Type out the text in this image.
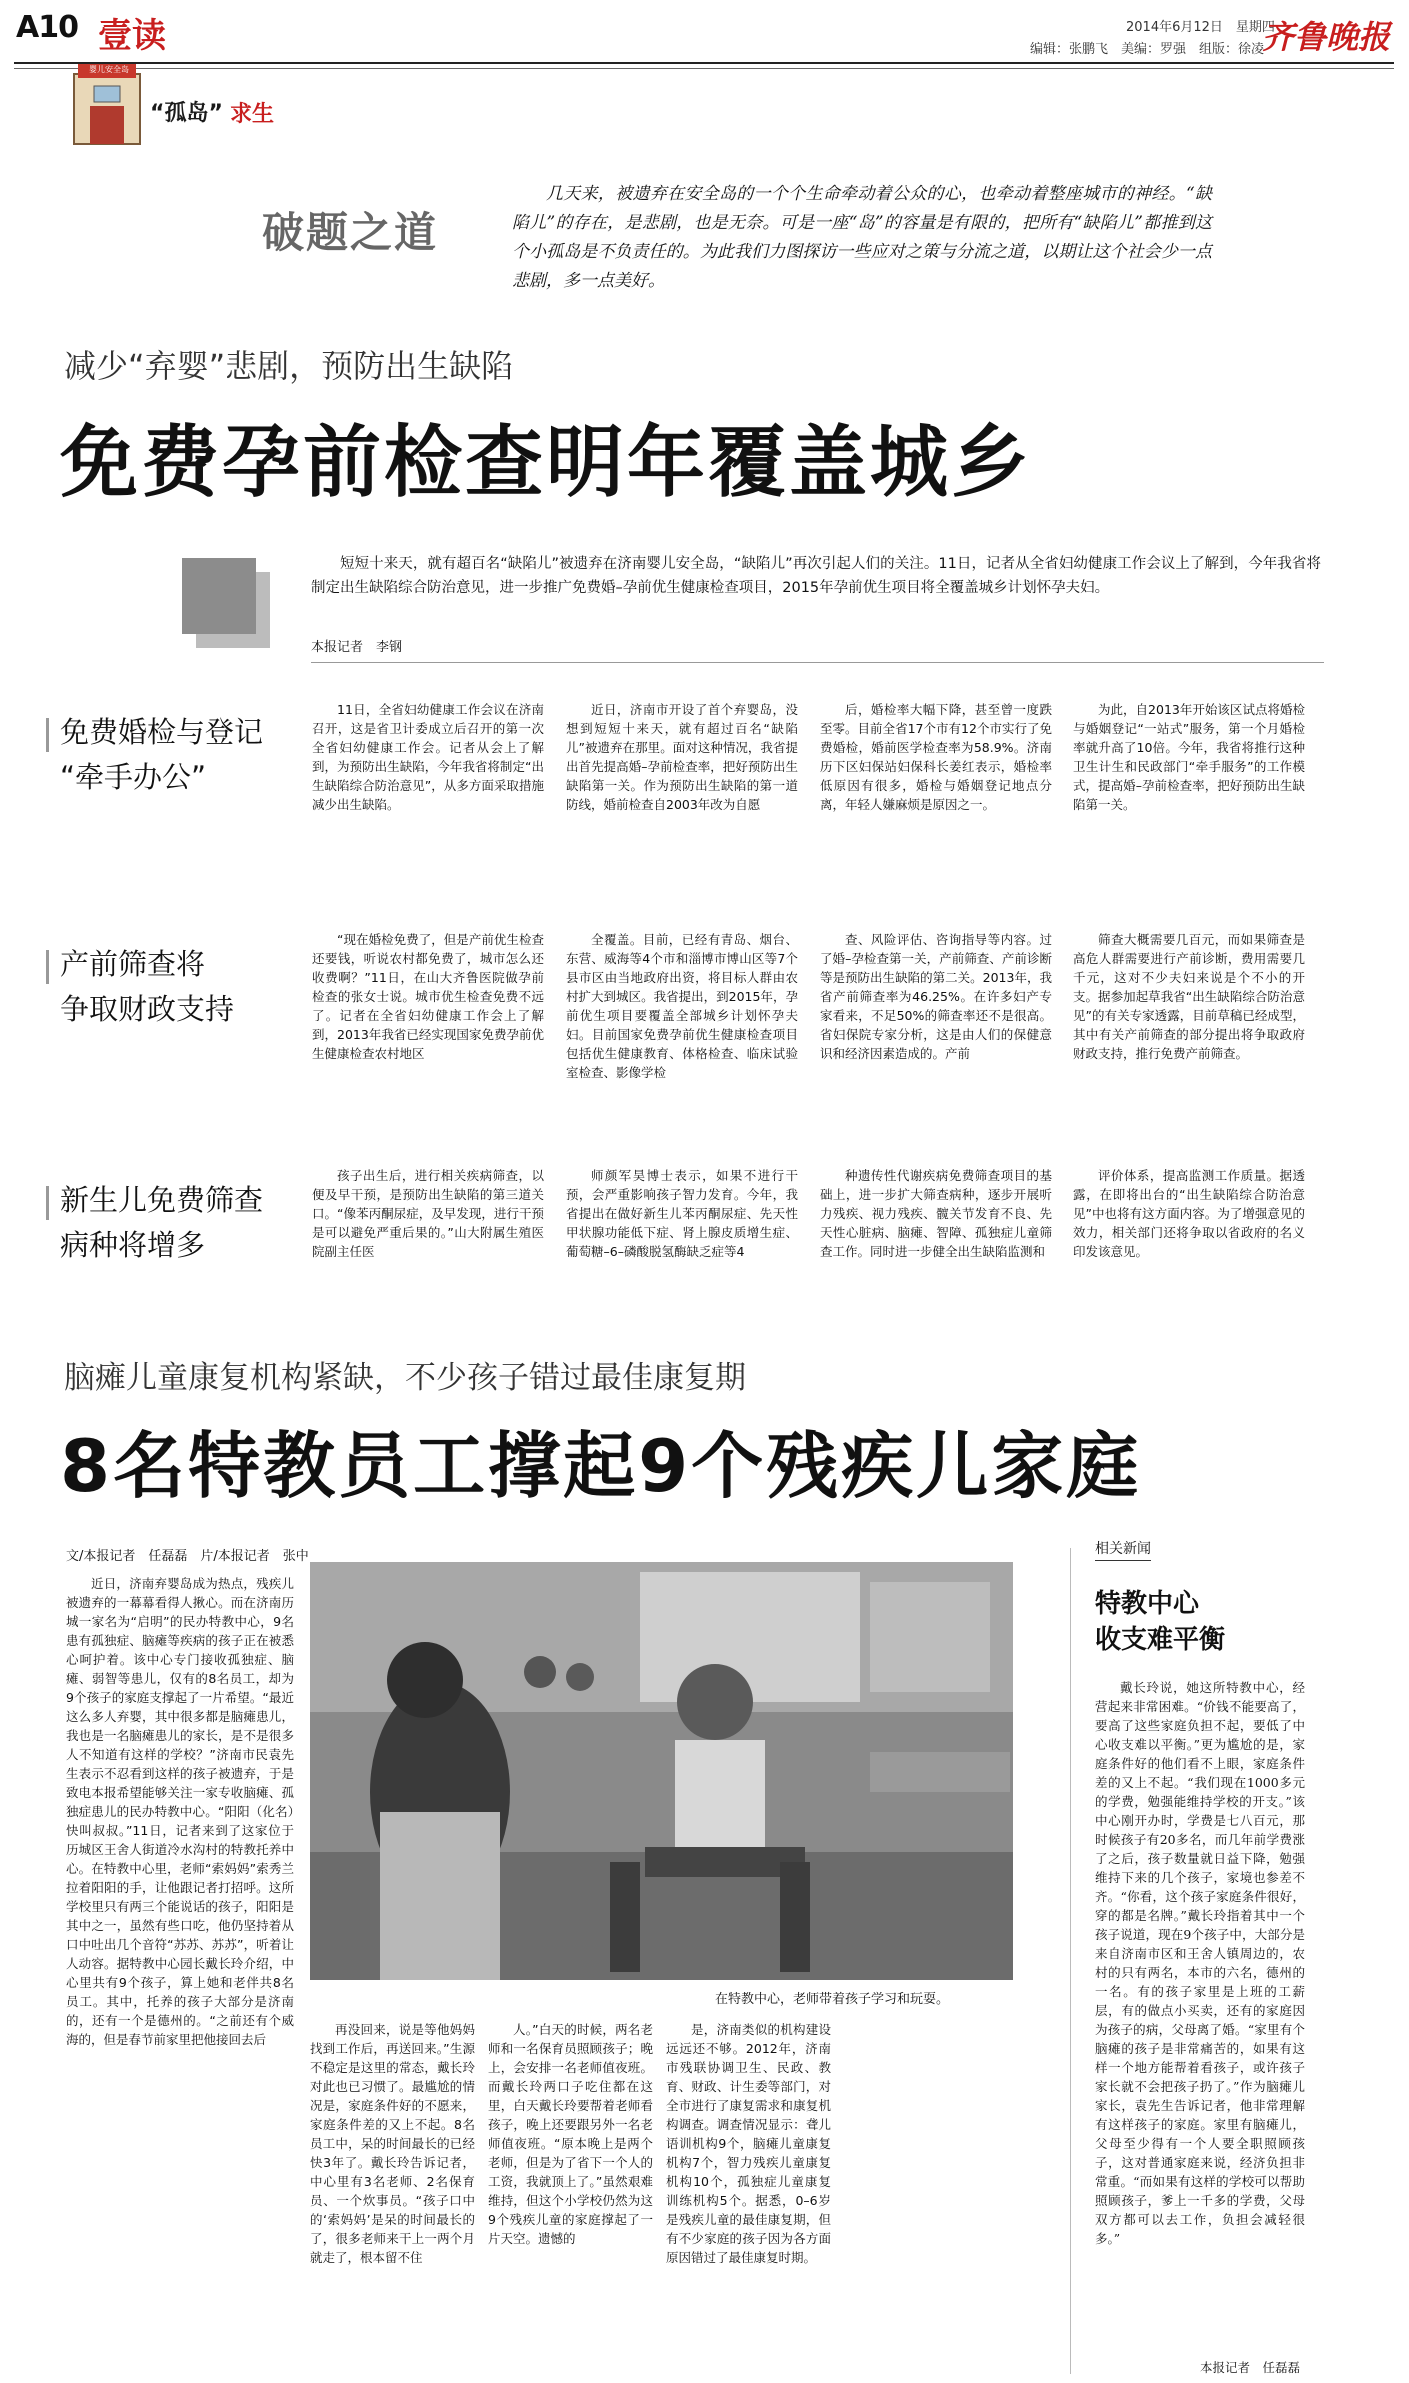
A10 壹读	2014年6月12日　星期四
编辑：张鹏飞　美编：罗强　组版：徐凌
齐鲁晚报
婴儿安全岛
“孤岛” 求生
破题之道
几天来，被遗弃在安全岛的一个个生命牵动着公众的心，也牵动着整座城市的神经。“缺陷儿”的存在，是悲剧，也是无奈。可是一座“岛”的容量是有限的，把所有“缺陷儿”都推到这个小孤岛是不负责任的。为此我们力图探访一些应对之策与分流之道，以期让这个社会少一点悲剧，多一点美好。
减少“弃婴”悲剧，预防出生缺陷
免费孕前检查明年覆盖城乡
短短十来天，就有超百名“缺陷儿”被遗弃在济南婴儿安全岛，“缺陷儿”再次引起人们的关注。11日，记者从全省妇幼健康工作会议上了解到，今年我省将制定出生缺陷综合防治意见，进一步推广免费婚–孕前优生健康检查项目，2015年孕前优生项目将全覆盖城乡计划怀孕夫妇。
本报记者　李钢
免费婚检与登记
“牵手办公”

11日，全省妇幼健康工作会议在济南召开，这是省卫计委成立后召开的第一次全省妇幼健康工作会。记者从会上了解到，为预防出生缺陷，今年我省将制定“出生缺陷综合防治意见”，从多方面采取措施减少出生缺陷。

近日，济南市开设了首个弃婴岛，没想到短短十来天，就有超过百名“缺陷儿”被遗弃在那里。面对这种情况，我省提出首先提高婚–孕前检查率，把好预防出生缺陷第一关。作为预防出生缺陷的第一道防线，婚前检查自2003年改为自愿

后，婚检率大幅下降，甚至曾一度跌至零。目前全省17个市有12个市实行了免费婚检，婚前医学检查率为58.9%。济南历下区妇保站妇保科长姜红表示，婚检率低原因有很多，婚检与婚姻登记地点分离，年轻人嫌麻烦是原因之一。

为此，自2013年开始该区试点将婚检与婚姻登记“一站式”服务，第一个月婚检率就升高了10倍。今年，我省将推行这种卫生计生和民政部门“牵手服务”的工作模式，提高婚–孕前检查率，把好预防出生缺陷第一关。

产前筛查将
争取财政支持

“现在婚检免费了，但是产前优生检查还要钱，听说农村都免费了，城市怎么还收费啊？”11日，在山大齐鲁医院做孕前检查的张女士说。城市优生检查免费不远了。记者在全省妇幼健康工作会上了解到，2013年我省已经实现国家免费孕前优生健康检查农村地区

全覆盖。目前，已经有青岛、烟台、东营、威海等4个市和淄博市博山区等7个县市区由当地政府出资，将目标人群由农村扩大到城区。我省提出，到2015年，孕前优生项目要覆盖全部城乡计划怀孕夫妇。目前国家免费孕前优生健康检查项目包括优生健康教育、体格检查、临床试验室检查、影像学检

查、风险评估、咨询指导等内容。过了婚–孕检查第一关，产前筛查、产前诊断等是预防出生缺陷的第二关。2013年，我省产前筛查率为46.25%。在许多妇产专家看来，不足50%的筛查率还不是很高。省妇保院专家分析，这是由人们的保健意识和经济因素造成的。产前

筛查大概需要几百元，而如果筛查是高危人群需要进行产前诊断，费用需要几千元，这对不少夫妇来说是个不小的开支。据参加起草我省“出生缺陷综合防治意见”的有关专家透露，目前草稿已经成型，其中有关产前筛查的部分提出将争取政府财政支持，推行免费产前筛查。

新生儿免费筛查
病种将增多

孩子出生后，进行相关疾病筛查，以便及早干预，是预防出生缺陷的第三道关口。“像苯丙酮尿症，及早发现，进行干预是可以避免严重后果的。”山大附属生殖医院副主任医

师颜军昊博士表示，如果不进行干预，会严重影响孩子智力发育。今年，我省提出在做好新生儿苯丙酮尿症、先天性甲状腺功能低下症、肾上腺皮质增生症、葡萄糖–6–磷酸脱氢酶缺乏症等4

种遗传性代谢疾病免费筛查项目的基础上，进一步扩大筛查病种，逐步开展听力残疾、视力残疾、髋关节发育不良、先天性心脏病、脑瘫、智障、孤独症儿童筛查工作。同时进一步健全出生缺陷监测和

评价体系，提高监测工作质量。据透露，在即将出台的“出生缺陷综合防治意见”中也将有这方面内容。为了增强意见的效力，相关部门还将争取以省政府的名义印发该意见。

脑瘫儿童康复机构紧缺，不少孩子错过最佳康复期
8名特教员工撑起9个残疾儿家庭
文/本报记者　任磊磊　片/本报记者　张中
在特教中心，老师带着孩子学习和玩耍。

近日，济南弃婴岛成为热点，残疾儿被遗弃的一幕幕看得人揪心。而在济南历城一家名为“启明”的民办特教中心，9名患有孤独症、脑瘫等疾病的孩子正在被悉心呵护着。该中心专门接收孤独症、脑瘫、弱智等患儿，仅有的8名员工，却为9个孩子的家庭支撑起了一片希望。“最近这么多人弃婴，其中很多都是脑瘫患儿，我也是一名脑瘫患儿的家长，是不是很多人不知道有这样的学校？”济南市民袁先生表示不忍看到这样的孩子被遗弃，于是致电本报希望能够关注一家专收脑瘫、孤独症患儿的民办特教中心。“阳阳（化名）快叫叔叔。”11日，记者来到了这家位于历城区王舍人街道冷水沟村的特教托养中心。在特教中心里，老师“索妈妈”索秀兰拉着阳阳的手，让他跟记者打招呼。这所学校里只有两三个能说话的孩子，阳阳是其中之一，虽然有些口吃，他仍坚持着从口中吐出几个音符“苏苏、苏苏”，听着让人动容。据特教中心园长戴长玲介绍，中心里共有9个孩子，算上她和老伴共8名员工。其中，托养的孩子大部分是济南的，还有一个是德州的。“之前还有个威海的，但是春节前家里把他接回去后

再没回来，说是等他妈妈找到工作后，再送回来。”生源不稳定是这里的常态，戴长玲对此也已习惯了。最尴尬的情况是，家庭条件好的不愿来，家庭条件差的又上不起。8名员工中，呆的时间最长的已经快3年了。戴长玲告诉记者，中心里有3名老师、2名保育员、一个炊事员。“孩子口中的‘索妈妈’是呆的时间最长的了，很多老师来干上一两个月就走了，根本留不住

人。”白天的时候，两名老师和一名保育员照顾孩子；晚上，会安排一名老师值夜班。而戴长玲两口子吃住都在这里，白天戴长玲要帮着老师看孩子，晚上还要跟另外一名老师值夜班。“原本晚上是两个老师，但是为了省下一个人的工资，我就顶上了。”虽然艰难维持，但这个小学校仍然为这9个残疾儿童的家庭撑起了一片天空。遗憾的

是，济南类似的机构建设远远还不够。2012年，济南市残联协调卫生、民政、教育、财政、计生委等部门，对全市进行了康复需求和康复机构调查。调查情况显示：聋儿语训机构9个，脑瘫儿童康复机构7个，智力残疾儿童康复机构10个，孤独症儿童康复训练机构5个。据悉，0–6岁是残疾儿童的最佳康复期，但有不少家庭的孩子因为各方面原因错过了最佳康复时期。

相关新闻
特教中心
收支难平衡

戴长玲说，她这所特教中心，经营起来非常困难。“价钱不能要高了，要高了这些家庭负担不起，要低了中心收支难以平衡。”更为尴尬的是，家庭条件好的他们看不上眼，家庭条件差的又上不起。“我们现在1000多元的学费，勉强能维持学校的开支。”该中心刚开办时，学费是七八百元，那时候孩子有20多名，而几年前学费涨了之后，孩子数量就日益下降，勉强维持下来的几个孩子，家境也参差不齐。“你看，这个孩子家庭条件很好，穿的都是名牌。”戴长玲指着其中一个孩子说道，现在9个孩子中，大部分是来自济南市区和王舍人镇周边的，农村的只有两名，本市的六名，德州的一名。有的孩子家里是上班的工薪层，有的做点小买卖，还有的家庭因为孩子的病，父母离了婚。“家里有个脑瘫的孩子是非常痛苦的，如果有这样一个地方能帮着看孩子，或许孩子家长就不会把孩子扔了。”作为脑瘫儿家长，袁先生告诉记者，他非常理解有这样孩子的家庭。家里有脑瘫儿，父母至少得有一个人要全职照顾孩子，这对普通家庭来说，经济负担非常重。“而如果有这样的学校可以帮助照顾孩子，爹上一千多的学费，父母双方都可以去工作，负担会减轻很多。”

本报记者　任磊磊
